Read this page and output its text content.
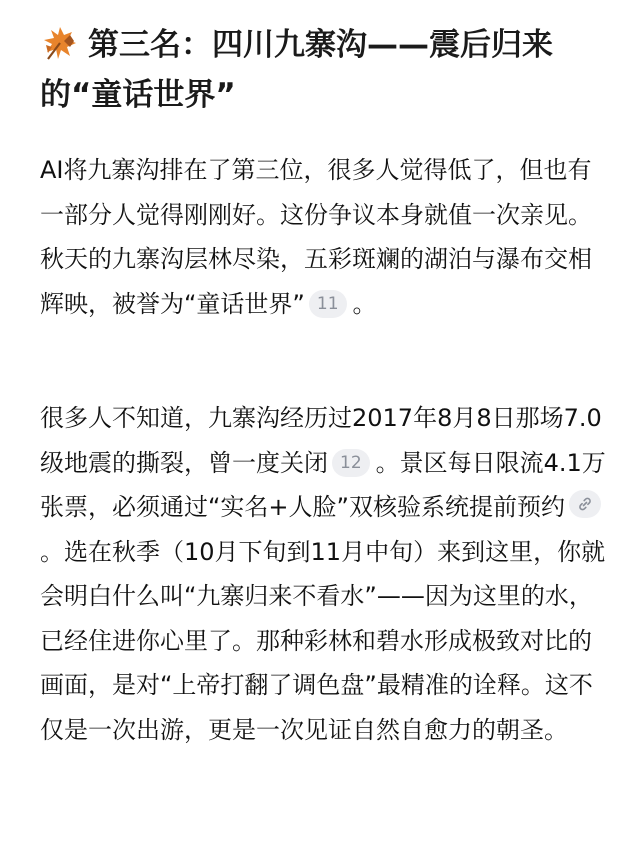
第三名：四川九寨沟——震后归来的“童话世界”

AI将九寨沟排在了第三位，很多人觉得低了，但也有一部分人觉得刚刚好。这份争议本身就值一次亲见。秋天的九寨沟层林尽染，五彩斑斓的湖泊与瀑布交相辉映，被誉为“童话世界” 11 。

很多人不知道，九寨沟经历过2017年8月8日那场7.0级地震的撕裂，曾一度关闭 12 。景区每日限流4.1万张票，必须通过“实名+人脸”双核验系统提前预约
。选在秋季（10月下旬到11月中旬）来到这里，你就会明白什么叫“九寨归来不看水”——因为这里的水，已经住进你心里了。那种彩林和碧水形成极致对比的画面，是对“上帝打翻了调色盘”最精准的诠释。这不仅是一次出游，更是一次见证自然自愈力的朝圣。
